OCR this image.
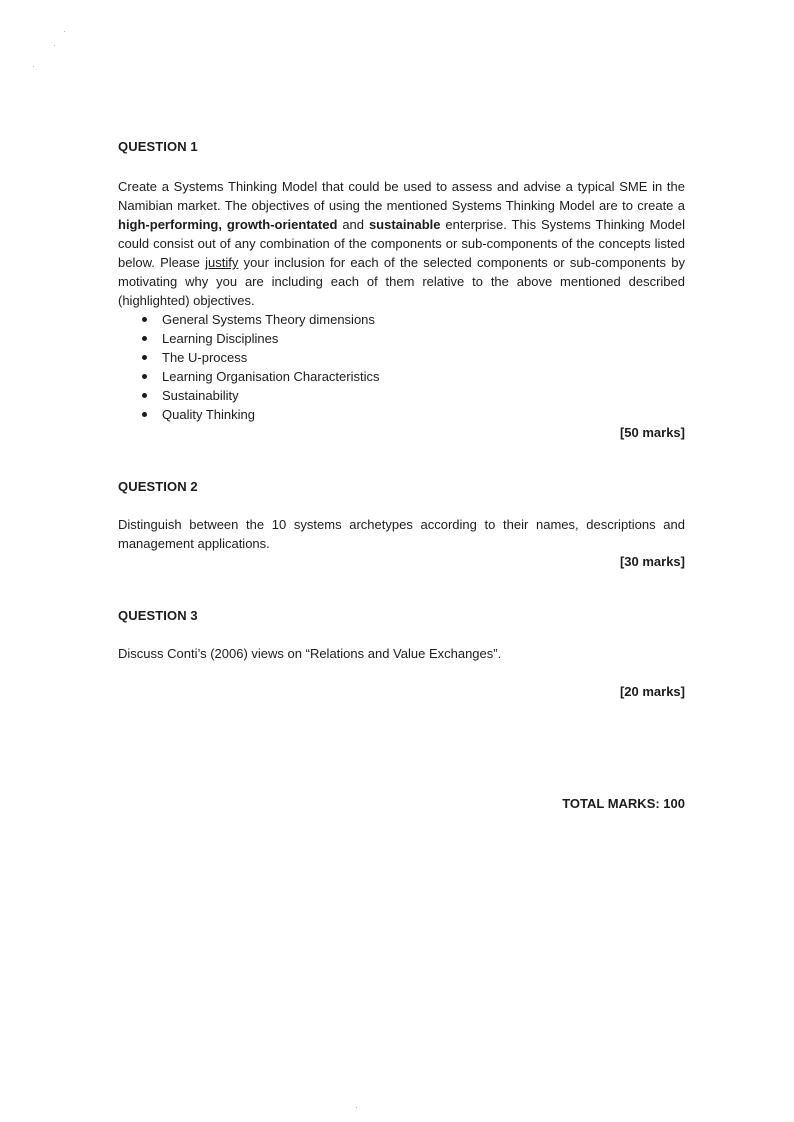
QUESTION 1

Create a Systems Thinking Model that could be used to assess and advise a typical SME in the Namibian market. The objectives of using the mentioned Systems Thinking Model are to create a high-performing, growth-orientated and sustainable enterprise. This Systems Thinking Model could consist out of any combination of the components or sub-components of the concepts listed below. Please justify your inclusion for each of the selected components or sub-components by motivating why you are including each of them relative to the above mentioned described (highlighted) objectives.

General Systems Theory dimensions
Learning Disciplines
The U-process
Learning Organisation Characteristics
Sustainability
Quality Thinking

[50 marks]

QUESTION 2

Distinguish between the 10 systems archetypes according to their names, descriptions and management applications.

[30 marks]

QUESTION 3

Discuss Conti’s (2006) views on “Relations and Value Exchanges”.

[20 marks]

TOTAL MARKS: 100
